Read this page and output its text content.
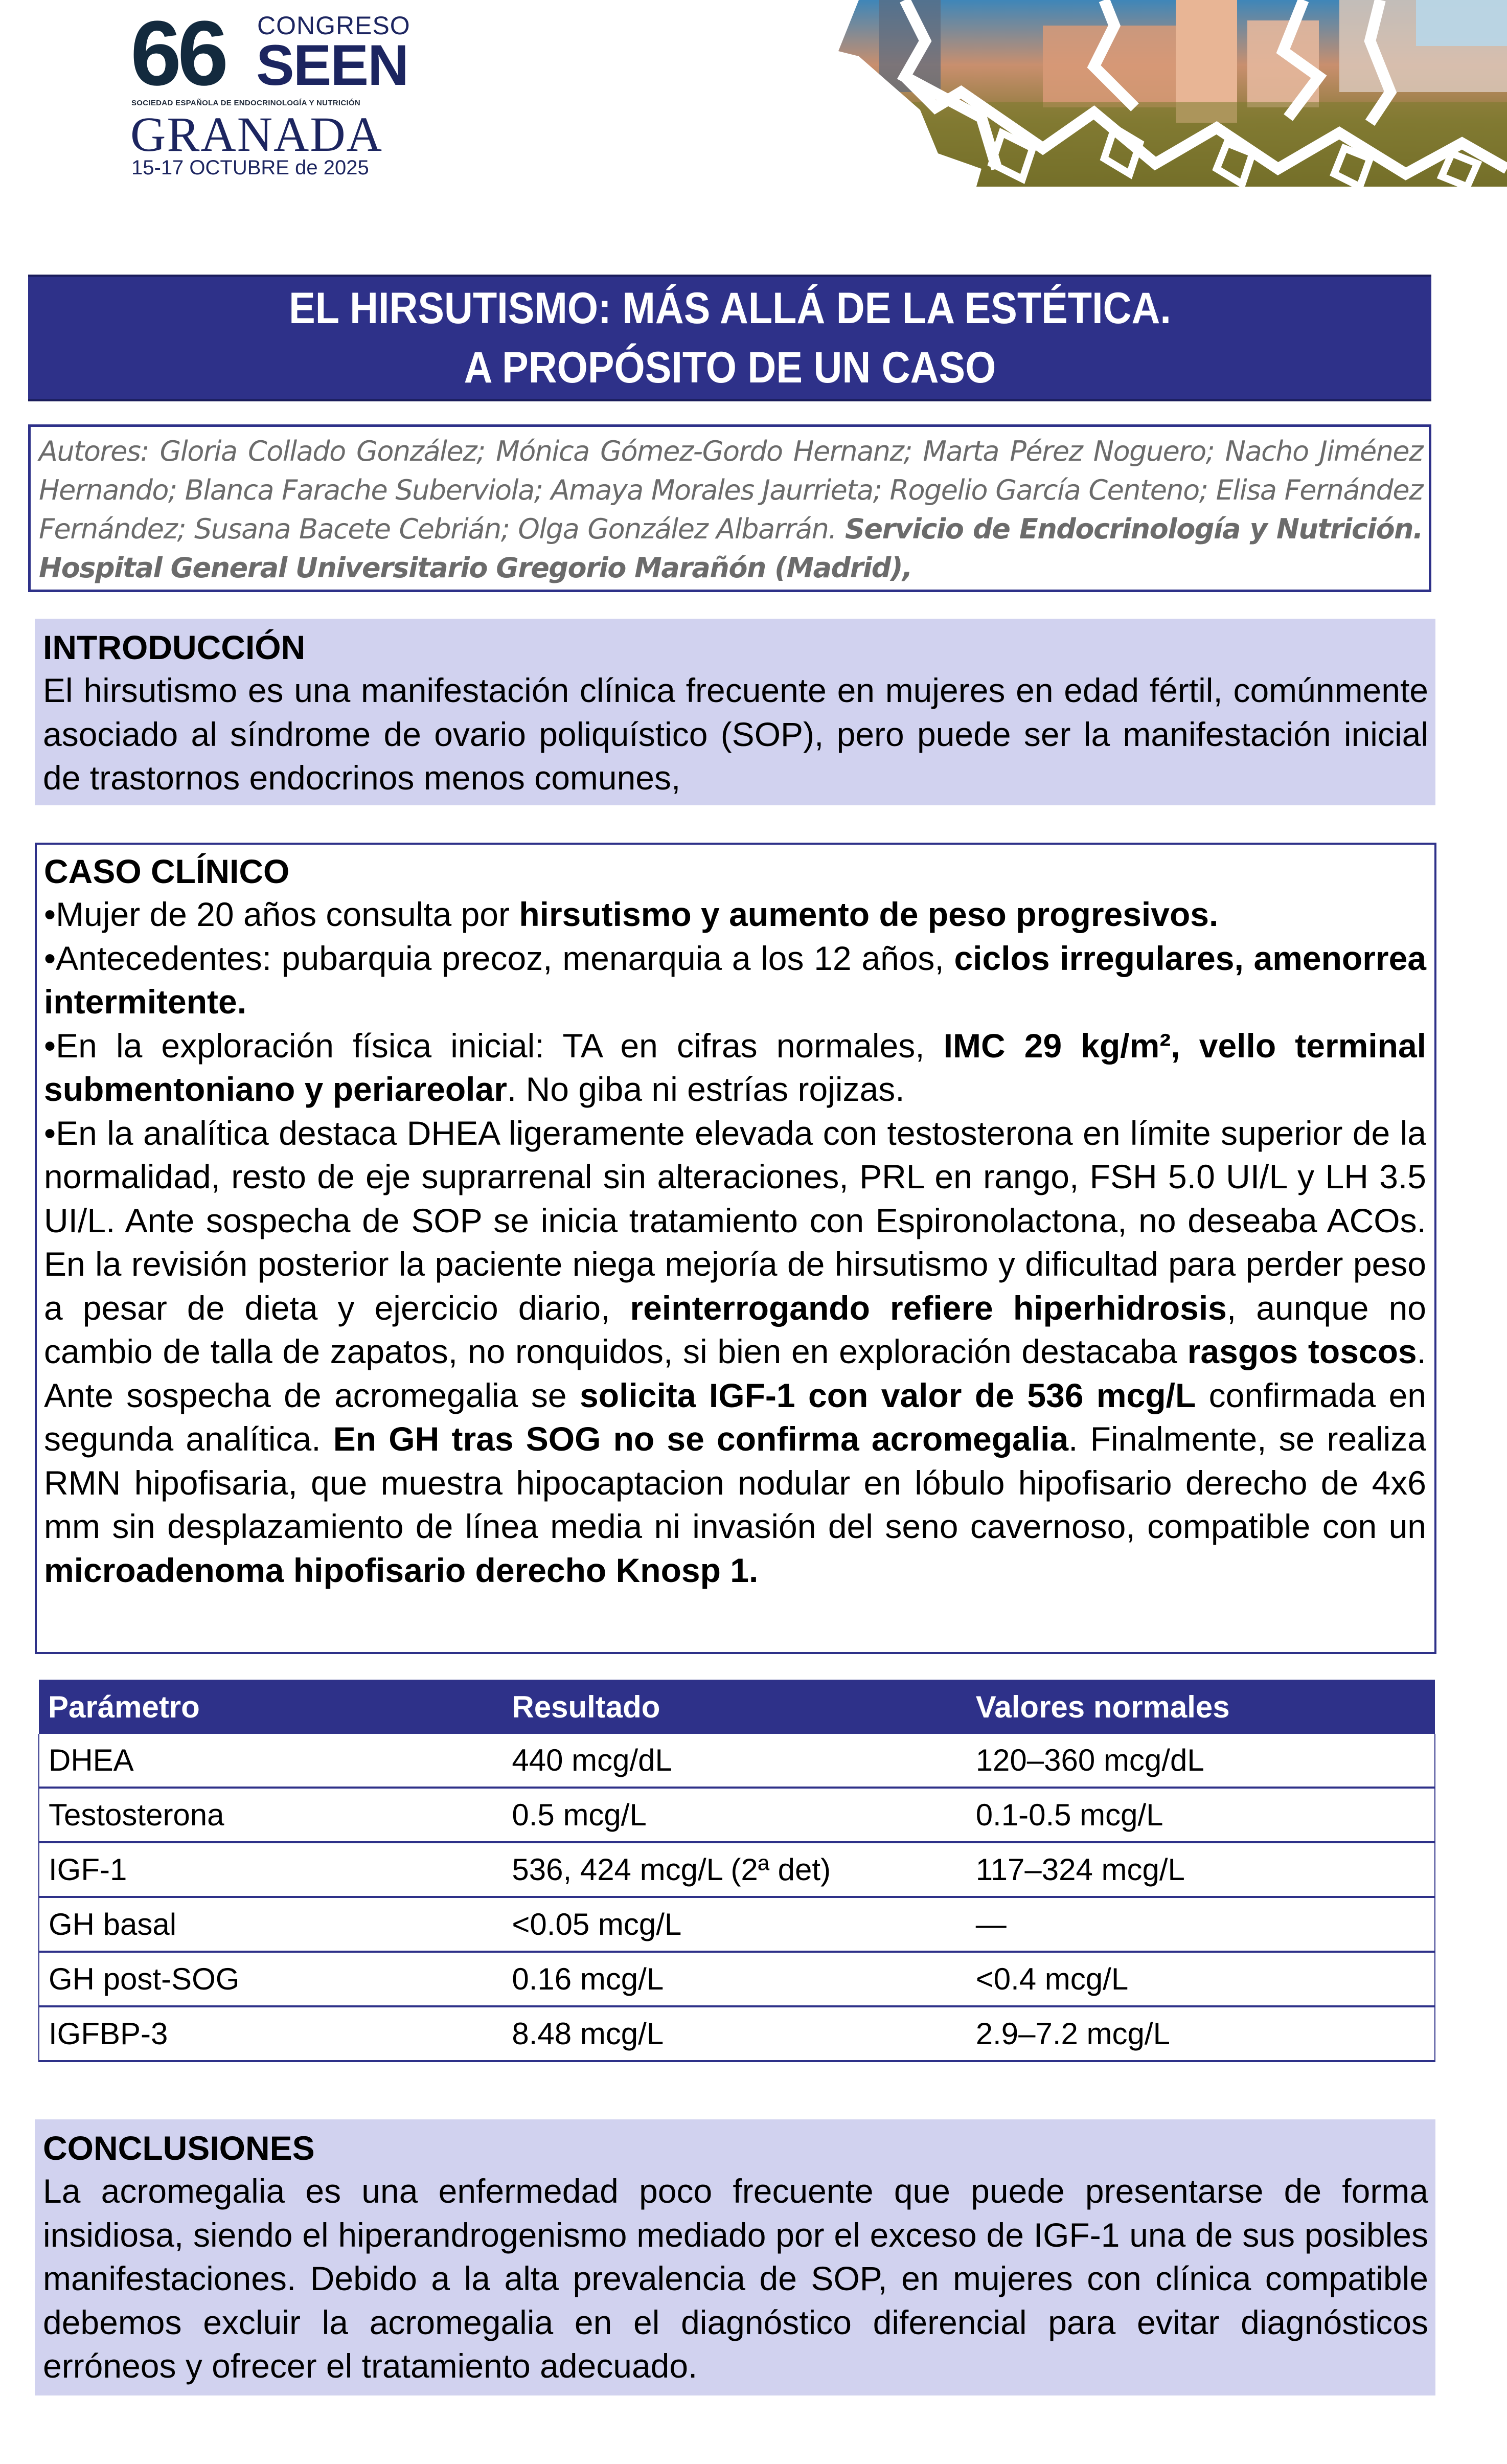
66 CONGRESO
SEEN
SOCIEDAD ESPAÑOLA DE ENDOCRINOLOGÍA Y NUTRICIÓN
GRANADA
15-17 OCTUBRE de 2025
EL HIRSUTISMO: MÁS ALLÁ DE LA ESTÉTICA. A PROPÓSITO DE UN CASO

Autores: Gloria Collado González; Mónica Gómez-Gordo Hernanz; Marta Pérez Noguero; Nacho Jiménez Hernando; Blanca Farache Suberviola; Amaya Morales Jaurrieta; Rogelio García Centeno; Elisa Fernández Fernández; Susana Bacete Cebrián; Olga González Albarrán. Servicio de Endocrinología y Nutrición. Hospital General Universitario Gregorio Marañón (Madrid),

INTRODUCCIÓN

El hirsutismo es una manifestación clínica frecuente en mujeres en edad fértil, comúnmente asociado al síndrome de ovario poliquístico (SOP), pero puede ser la manifestación inicial de trastornos endocrinos menos comunes,

CASO CLÍNICO

•Mujer de 20 años consulta por hirsutismo y aumento de peso progresivos.

•Antecedentes: pubarquia precoz, menarquia a los 12 años, ciclos irregulares, amenorrea intermitente.

•En la exploración física inicial: TA en cifras normales, IMC 29 kg/m², vello terminal submentoniano y periareolar. No giba ni estrías rojizas.

•En la analítica destaca DHEA ligeramente elevada con testosterona en límite superior de la normalidad, resto de eje suprarrenal sin alteraciones, PRL en rango, FSH 5.0 UI/L y LH 3.5 UI/L. Ante sospecha de SOP se inicia tratamiento con Espironolactona, no deseaba ACOs. En la revisión posterior la paciente niega mejoría de hirsutismo y dificultad para perder peso a pesar de dieta y ejercicio diario, reinterrogando refiere hiperhidrosis, aunque no cambio de talla de zapatos, no ronquidos, si bien en exploración destacaba rasgos toscos. Ante sospecha de acromegalia se solicita IGF-1 con valor de 536 mcg/L confirmada en segunda analítica. En GH tras SOG no se confirma acromegalia. Finalmente, se realiza RMN hipofisaria, que muestra hipocaptacion nodular en lóbulo hipofisario derecho de 4x6 mm sin desplazamiento de línea media ni invasión del seno cavernoso, compatible con un microadenoma hipofisario derecho Knosp 1.

Parámetro	Resultado	Valores normales
DHEA	440 mcg/dL	120–360 mcg/dL
Testosterona	0.5 mcg/L	0.1-0.5 mcg/L
IGF-1	536, 424 mcg/L (2ª det)	117–324 mcg/L
GH basal	<0.05 mcg/L	—
GH post-SOG	0.16 mcg/L	<0.4 mcg/L
IGFBP-3	8.48 mcg/L	2.9–7.2 mcg/L
CONCLUSIONES

La acromegalia es una enfermedad poco frecuente que puede presentarse de forma insidiosa, siendo el hiperandrogenismo mediado por el exceso de IGF-1 una de sus posibles manifestaciones. Debido a la alta prevalencia de SOP, en mujeres con clínica compatible debemos excluir la acromegalia en el diagnóstico diferencial para evitar diagnósticos erróneos y ofrecer el tratamiento adecuado.
